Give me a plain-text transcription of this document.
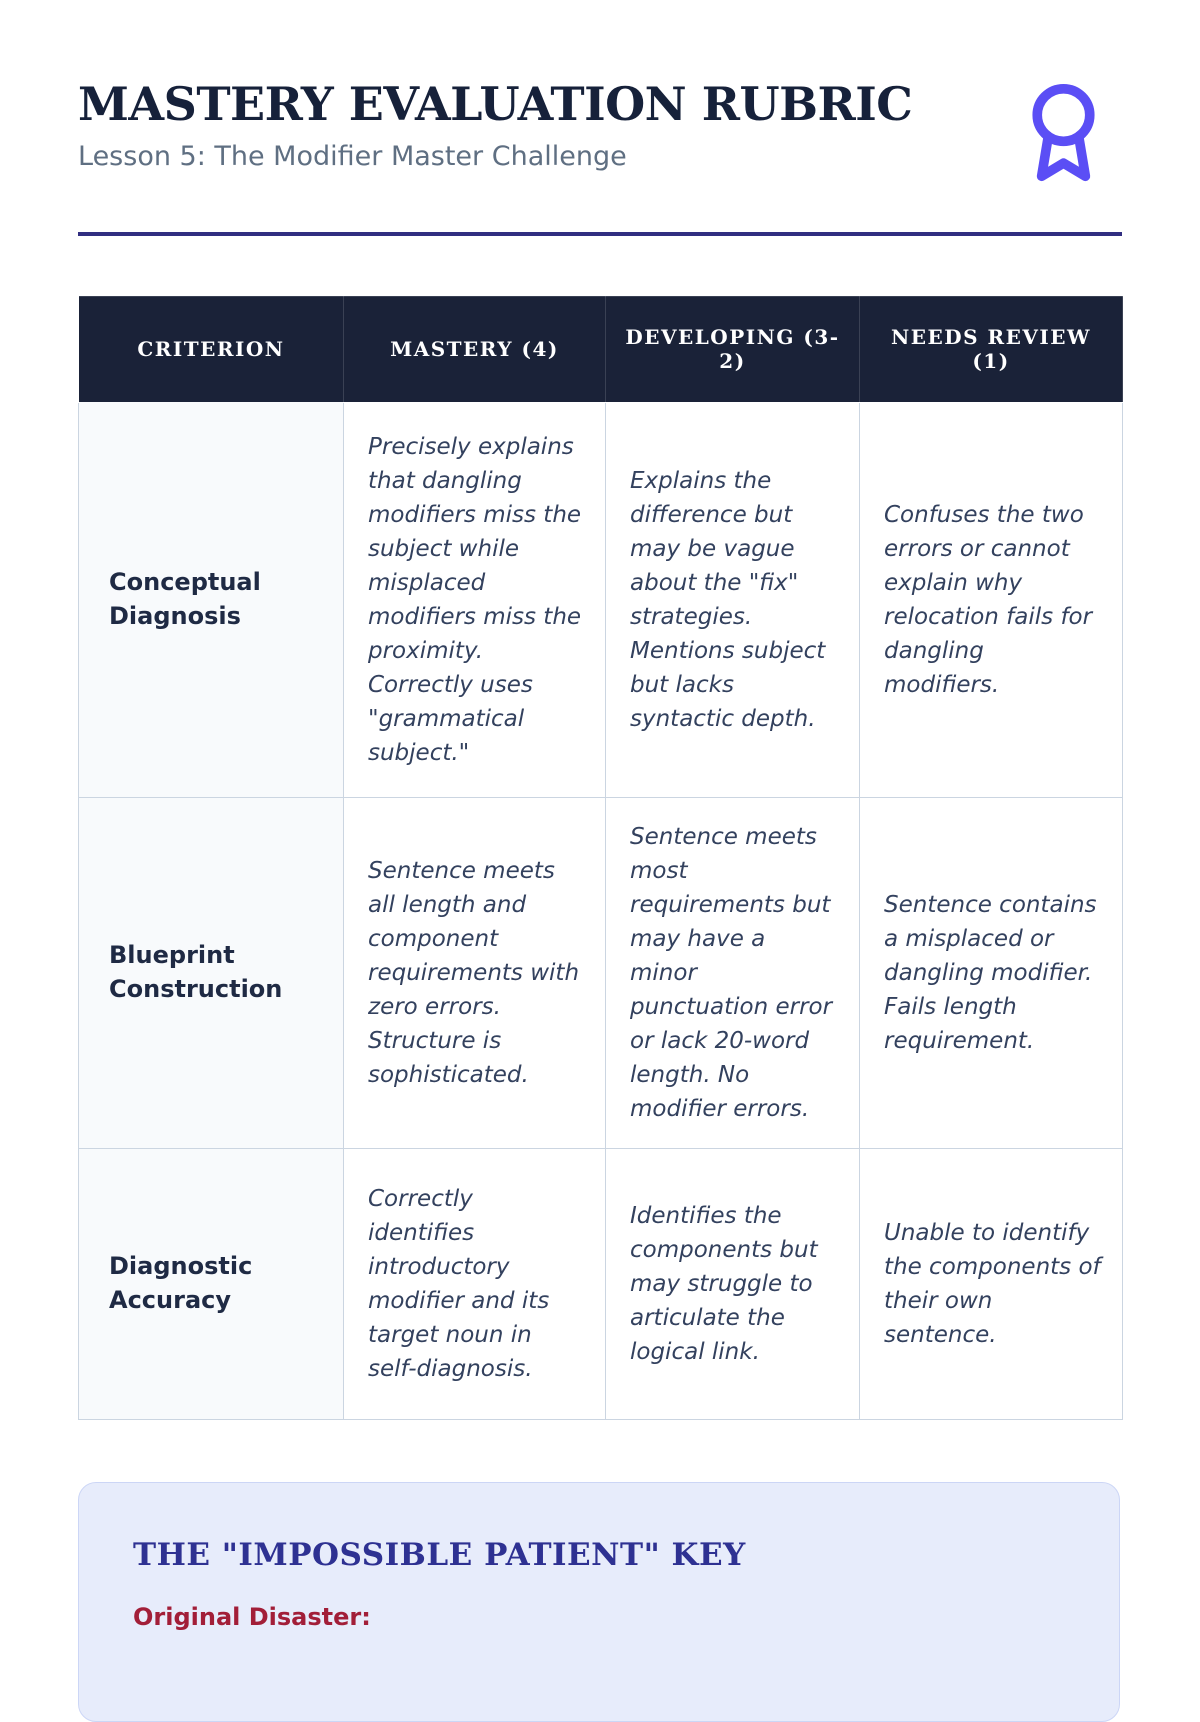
MASTERY EVALUATION RUBRIC

Lesson 5: The Modifier Master Challenge

CRITERION	MASTERY (4)	DEVELOPING (3-2)	NEEDS REVIEW (1)
Conceptual Diagnosis	Precisely explains that dangling modifiers miss the subject while misplaced modifiers miss the proximity. Correctly uses "grammatical subject."	Explains the difference but may be vague about the "fix" strategies. Mentions subject but lacks syntactic depth.	Confuses the two errors or cannot explain why relocation fails for dangling modifiers.
Blueprint Construction	Sentence meets all length and component requirements with zero errors. Structure is sophisticated.	Sentence meets most requirements but may have a minor punctuation error or lack 20-word length. No modifier errors.	Sentence contains a misplaced or dangling modifier. Fails length requirement.
Diagnostic Accuracy	Correctly identifies introductory modifier and its target noun in self-diagnosis.	Identifies the components but may struggle to articulate the logical link.	Unable to identify the components of their own sentence.
THE "IMPOSSIBLE PATIENT" KEY

Original Disaster:
